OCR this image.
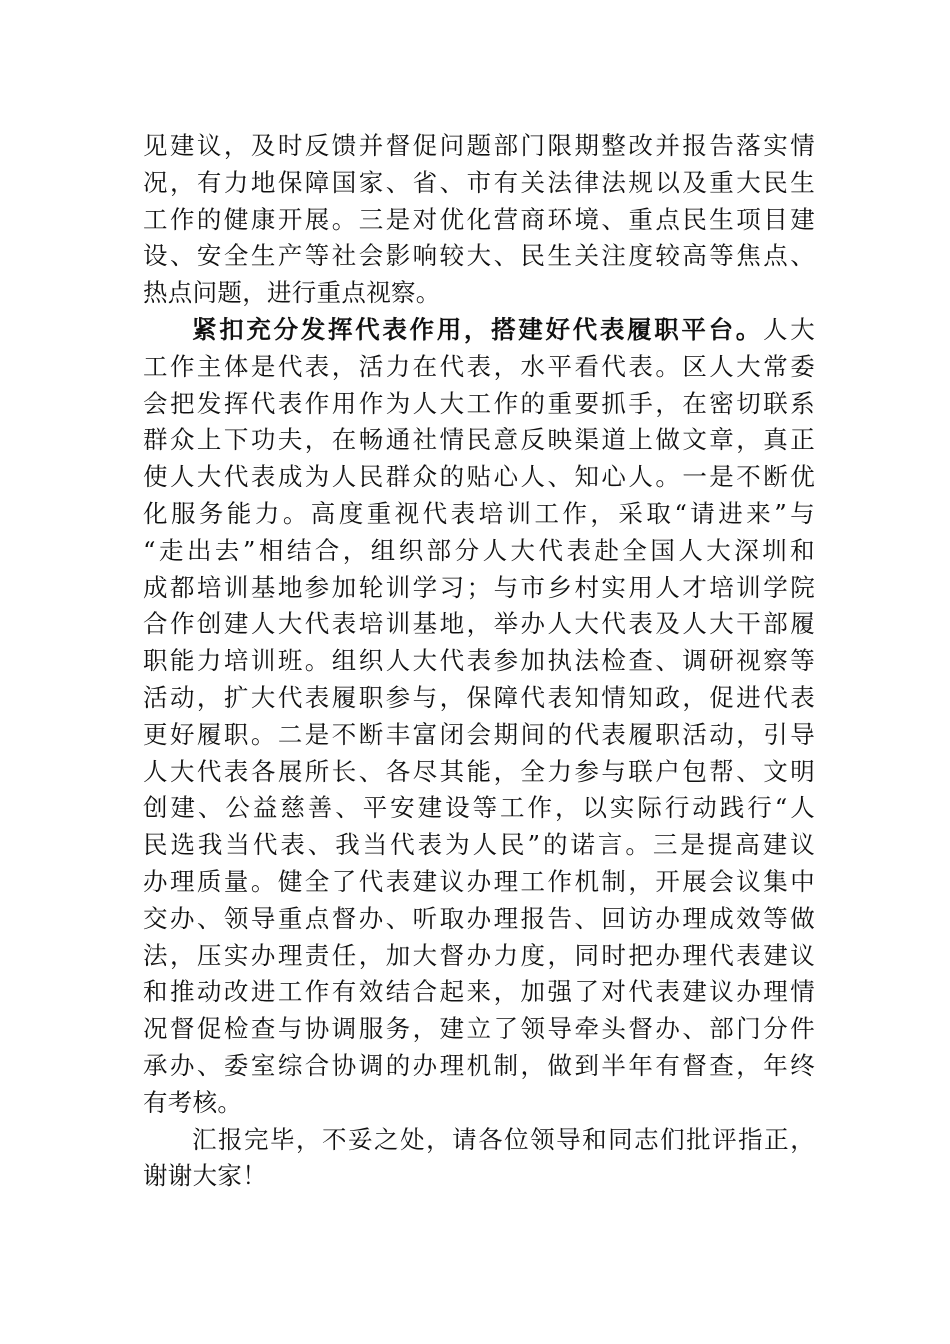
见建议，及时反馈并督促问题部门限期整改并报告落实情
况，有力地保障国家、省、市有关法律法规以及重大民生
工作的健康开展。三是对优化营商环境、重点民生项目建
设、安全生产等社会影响较大、民生关注度较高等焦点、
热点问题，进行重点视察。
紧扣充分发挥代表作用，搭建好代表履职平台。人大
工作主体是代表，活力在代表，水平看代表。区人大常委
会把发挥代表作用作为人大工作的重要抓手，在密切联系
群众上下功夫，在畅通社情民意反映渠道上做文章，真正
使人大代表成为人民群众的贴心人、知心人。一是不断优
化服务能力。高度重视代表培训工作，采取“请进来”与
“走出去”相结合，组织部分人大代表赴全国人大深圳和
成都培训基地参加轮训学习；与市乡村实用人才培训学院
合作创建人大代表培训基地，举办人大代表及人大干部履
职能力培训班。组织人大代表参加执法检查、调研视察等
活动，扩大代表履职参与，保障代表知情知政，促进代表
更好履职。二是不断丰富闭会期间的代表履职活动，引导
人大代表各展所长、各尽其能，全力参与联户包帮、文明
创建、公益慈善、平安建设等工作，以实际行动践行“人
民选我当代表、我当代表为人民”的诺言。三是提高建议
办理质量。健全了代表建议办理工作机制，开展会议集中
交办、领导重点督办、听取办理报告、回访办理成效等做
法，压实办理责任，加大督办力度，同时把办理代表建议
和推动改进工作有效结合起来，加强了对代表建议办理情
况督促检查与协调服务，建立了领导牵头督办、部门分件
承办、委室综合协调的办理机制，做到半年有督查，年终
有考核。
汇报完毕，不妥之处，请各位领导和同志们批评指正，
谢谢大家！
